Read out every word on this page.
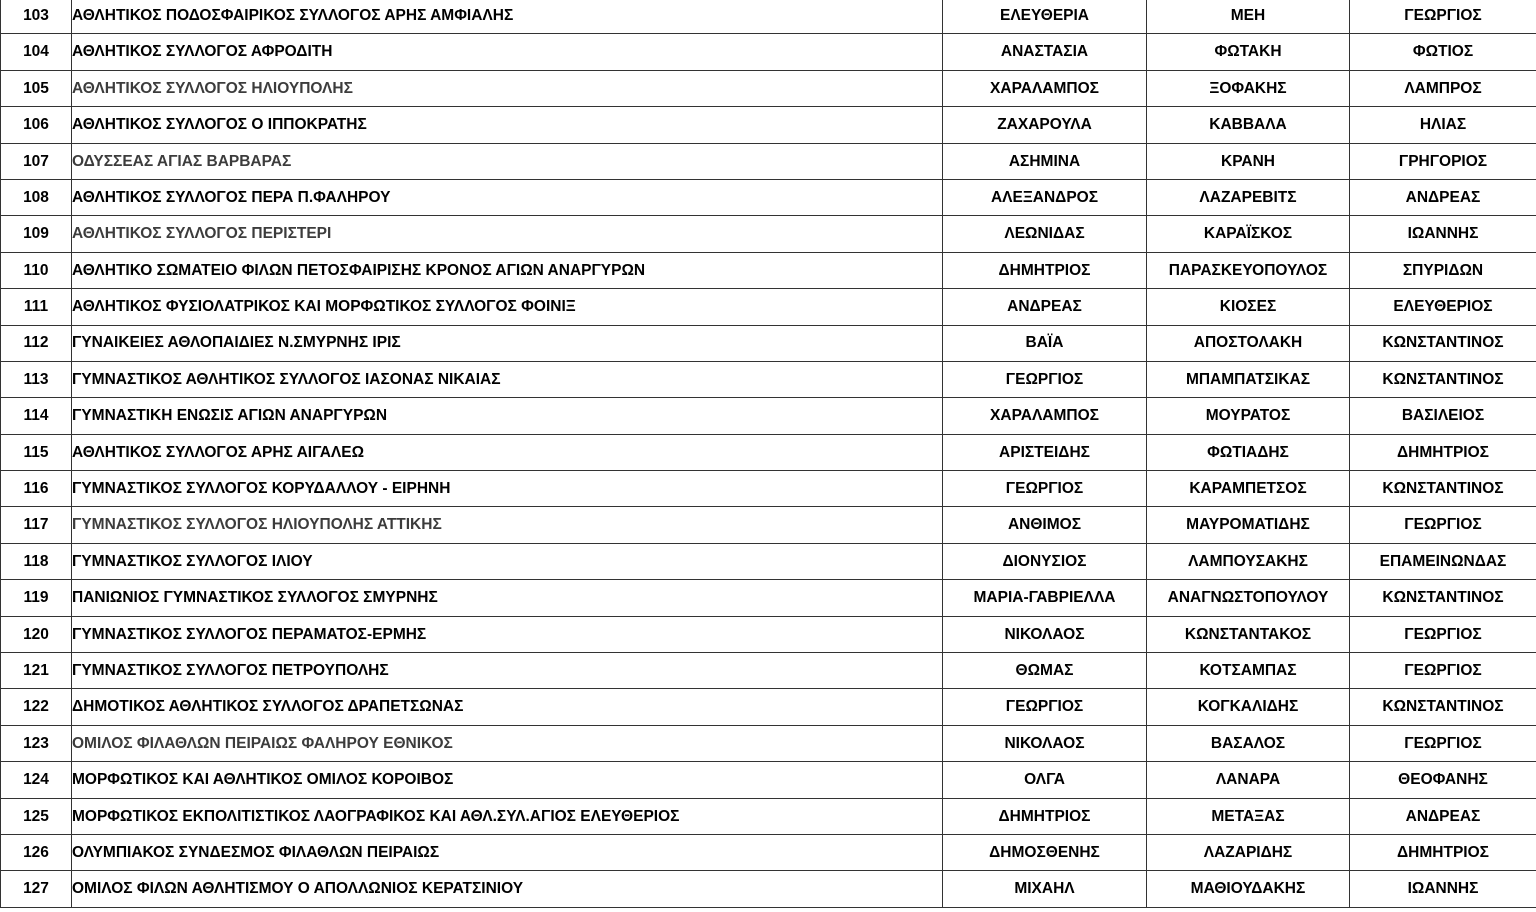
103	ΑΘΛΗΤΙΚΟΣ ΠΟΔΟΣΦΑΙΡΙΚΟΣ ΣΥΛΛΟΓΟΣ ΑΡΗΣ ΑΜΦΙΑΛΗΣ	ΕΛΕΥΘΕΡΙΑ	ΜΕΗ	ΓΕΩΡΓΙΟΣ
104	ΑΘΛΗΤΙΚΟΣ ΣΥΛΛΟΓΟΣ ΑΦΡΟΔΙΤΗ	ΑΝΑΣΤΑΣΙΑ	ΦΩΤΑΚΗ	ΦΩΤΙΟΣ
105	ΑΘΛΗΤΙΚΟΣ ΣΥΛΛΟΓΟΣ ΗΛΙΟΥΠΟΛΗΣ	ΧΑΡΑΛΑΜΠΟΣ	ΞΟΦΑΚΗΣ	ΛΑΜΠΡΟΣ
106	ΑΘΛΗΤΙΚΟΣ ΣΥΛΛΟΓΟΣ Ο ΙΠΠΟΚΡΑΤΗΣ	ΖΑΧΑΡΟΥΛΑ	ΚΑΒΒΑΛΑ	ΗΛΙΑΣ
107	ΟΔΥΣΣΕΑΣ ΑΓΙΑΣ ΒΑΡΒΑΡΑΣ	ΑΣΗΜΙΝΑ	ΚΡΑΝΗ	ΓΡΗΓΟΡΙΟΣ
108	ΑΘΛΗΤΙΚΟΣ ΣΥΛΛΟΓΟΣ ΠΕΡΑ Π.ΦΑΛΗΡΟΥ	ΑΛΕΞΑΝΔΡΟΣ	ΛΑΖΑΡΕΒΙΤΣ	ΑΝΔΡΕΑΣ
109	ΑΘΛΗΤΙΚΟΣ ΣΥΛΛΟΓΟΣ ΠΕΡΙΣΤΕΡΙ	ΛΕΩΝΙΔΑΣ	ΚΑΡΑΪΣΚΟΣ	ΙΩΑΝΝΗΣ
110	ΑΘΛΗΤΙΚΟ ΣΩΜΑΤΕΙΟ ΦΙΛΩΝ ΠΕΤΟΣΦΑΙΡΙΣΗΣ ΚΡΟΝΟΣ ΑΓΙΩΝ ΑΝΑΡΓΥΡΩΝ	ΔΗΜΗΤΡΙΟΣ	ΠΑΡΑΣΚΕΥΟΠΟΥΛΟΣ	ΣΠΥΡΙΔΩΝ
111	ΑΘΛΗΤΙΚΟΣ ΦΥΣΙΟΛΑΤΡΙΚΟΣ ΚΑΙ ΜΟΡΦΩΤΙΚΟΣ ΣΥΛΛΟΓΟΣ ΦΟΙΝΙΞ	ΑΝΔΡΕΑΣ	ΚΙΟΣΕΣ	ΕΛΕΥΘΕΡΙΟΣ
112	ΓΥΝΑΙΚΕΙΕΣ ΑΘΛΟΠΑΙΔΙΕΣ Ν.ΣΜΥΡΝΗΣ ΙΡΙΣ	ΒΑΪΑ	ΑΠΟΣΤΟΛΑΚΗ	ΚΩΝΣΤΑΝΤΙΝΟΣ
113	ΓΥΜΝΑΣΤΙΚΟΣ ΑΘΛΗΤΙΚΟΣ ΣΥΛΛΟΓΟΣ ΙΑΣΟΝΑΣ ΝΙΚΑΙΑΣ	ΓΕΩΡΓΙΟΣ	ΜΠΑΜΠΑΤΣΙΚΑΣ	ΚΩΝΣΤΑΝΤΙΝΟΣ
114	ΓΥΜΝΑΣΤΙΚΗ ΕΝΩΣΙΣ ΑΓΙΩΝ ΑΝΑΡΓΥΡΩΝ	ΧΑΡΑΛΑΜΠΟΣ	ΜΟΥΡΑΤΟΣ	ΒΑΣΙΛΕΙΟΣ
115	ΑΘΛΗΤΙΚΟΣ ΣΥΛΛΟΓΟΣ ΑΡΗΣ ΑΙΓΑΛΕΩ	ΑΡΙΣΤΕΙΔΗΣ	ΦΩΤΙΑΔΗΣ	ΔΗΜΗΤΡΙΟΣ
116	ΓΥΜΝΑΣΤΙΚΟΣ ΣΥΛΛΟΓΟΣ ΚΟΡΥΔΑΛΛΟΥ - ΕΙΡΗΝΗ	ΓΕΩΡΓΙΟΣ	ΚΑΡΑΜΠΕΤΣΟΣ	ΚΩΝΣΤΑΝΤΙΝΟΣ
117	ΓΥΜΝΑΣΤΙΚΟΣ ΣΥΛΛΟΓΟΣ ΗΛΙΟΥΠΟΛΗΣ ΑΤΤΙΚΗΣ	ΑΝΘΙΜΟΣ	ΜΑΥΡΟΜΑΤΙΔΗΣ	ΓΕΩΡΓΙΟΣ
118	ΓΥΜΝΑΣΤΙΚΟΣ ΣΥΛΛΟΓΟΣ ΙΛΙΟΥ	ΔΙΟΝΥΣΙΟΣ	ΛΑΜΠΟΥΣΑΚΗΣ	ΕΠΑΜΕΙΝΩΝΔΑΣ
119	ΠΑΝΙΩΝΙΟΣ ΓΥΜΝΑΣΤΙΚΟΣ ΣΥΛΛΟΓΟΣ ΣΜΥΡΝΗΣ	ΜΑΡΙΑ-ΓΑΒΡΙΕΛΛΑ	ΑΝΑΓΝΩΣΤΟΠΟΥΛΟΥ	ΚΩΝΣΤΑΝΤΙΝΟΣ
120	ΓΥΜΝΑΣΤΙΚΟΣ ΣΥΛΛΟΓΟΣ ΠΕΡΑΜΑΤΟΣ-ΕΡΜΗΣ	ΝΙΚΟΛΑΟΣ	ΚΩΝΣΤΑΝΤΑΚΟΣ	ΓΕΩΡΓΙΟΣ
121	ΓΥΜΝΑΣΤΙΚΟΣ ΣΥΛΛΟΓΟΣ ΠΕΤΡΟΥΠΟΛΗΣ	ΘΩΜΑΣ	ΚΟΤΣΑΜΠΑΣ	ΓΕΩΡΓΙΟΣ
122	ΔΗΜΟΤΙΚΟΣ ΑΘΛΗΤΙΚΟΣ ΣΥΛΛΟΓΟΣ ΔΡΑΠΕΤΣΩΝΑΣ	ΓΕΩΡΓΙΟΣ	ΚΟΓΚΑΛΙΔΗΣ	ΚΩΝΣΤΑΝΤΙΝΟΣ
123	ΟΜΙΛΟΣ ΦΙΛΑΘΛΩΝ ΠΕΙΡΑΙΩΣ ΦΑΛΗΡΟΥ ΕΘΝΙΚΟΣ	ΝΙΚΟΛΑΟΣ	ΒΑΣΑΛΟΣ	ΓΕΩΡΓΙΟΣ
124	ΜΟΡΦΩΤΙΚΟΣ ΚΑΙ ΑΘΛΗΤΙΚΟΣ ΟΜΙΛΟΣ ΚΟΡΟΙΒΟΣ	ΟΛΓΑ	ΛΑΝΑΡΑ	ΘΕΟΦΑΝΗΣ
125	ΜΟΡΦΩΤΙΚΟΣ ΕΚΠΟΛΙΤΙΣΤΙΚΟΣ ΛΑΟΓΡΑΦΙΚΟΣ ΚΑΙ ΑΘΛ.ΣΥΛ.ΑΓΙΟΣ ΕΛΕΥΘΕΡΙΟΣ	ΔΗΜΗΤΡΙΟΣ	ΜΕΤΑΞΑΣ	ΑΝΔΡΕΑΣ
126	ΟΛΥΜΠΙΑΚΟΣ ΣΥΝΔΕΣΜΟΣ ΦΙΛΑΘΛΩΝ ΠΕΙΡΑΙΩΣ	ΔΗΜΟΣΘΕΝΗΣ	ΛΑΖΑΡΙΔΗΣ	ΔΗΜΗΤΡΙΟΣ
127	ΟΜΙΛΟΣ ΦΙΛΩΝ ΑΘΛΗΤΙΣΜΟΥ Ο ΑΠΟΛΛΩΝΙΟΣ ΚΕΡΑΤΣΙΝΙΟΥ	ΜΙΧΑΗΛ	ΜΑΘΙΟΥΔΑΚΗΣ	ΙΩΑΝΝΗΣ
